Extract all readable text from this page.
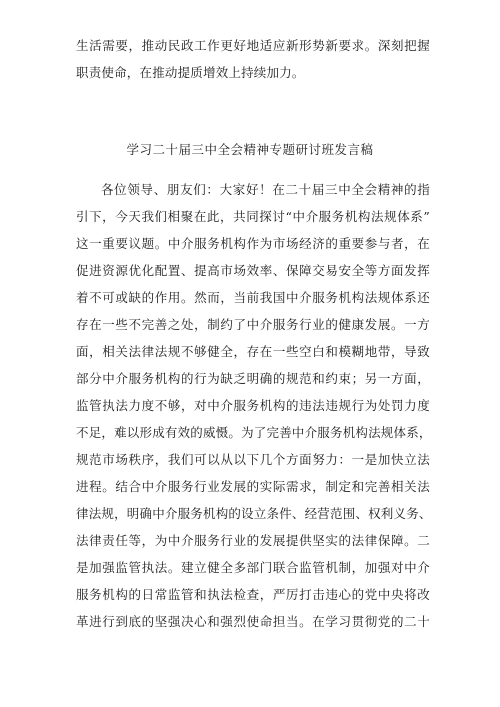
生活需要，推动民政工作更好地适应新形势新要求。深刻把握
职责使命，在推动提质增效上持续加力。
学习二十届三中全会精神专题研讨班发言稿
各位领导、朋友们：大家好！在二十届三中全会精神的指
引下，今天我们相聚在此，共同探讨“中介服务机构法规体系”
这一重要议题。中介服务机构作为市场经济的重要参与者，在
促进资源优化配置、提高市场效率、保障交易安全等方面发挥
着不可或缺的作用。然而，当前我国中介服务机构法规体系还
存在一些不完善之处，制约了中介服务行业的健康发展。一方
面，相关法律法规不够健全，存在一些空白和模糊地带，导致
部分中介服务机构的行为缺乏明确的规范和约束；另一方面，
监管执法力度不够，对中介服务机构的违法违规行为处罚力度
不足，难以形成有效的威慑。为了完善中介服务机构法规体系，
规范市场秩序，我们可以从以下几个方面努力：一是加快立法
进程。结合中介服务行业发展的实际需求，制定和完善相关法
律法规，明确中介服务机构的设立条件、经营范围、权利义务、
法律责任等，为中介服务行业的发展提供坚实的法律保障。二
是加强监管执法。建立健全多部门联合监管机制，加强对中介
服务机构的日常监管和执法检查，严厉打击违心的党中央将改
革进行到底的坚强决心和强烈使命担当。在学习贯彻党的二十
